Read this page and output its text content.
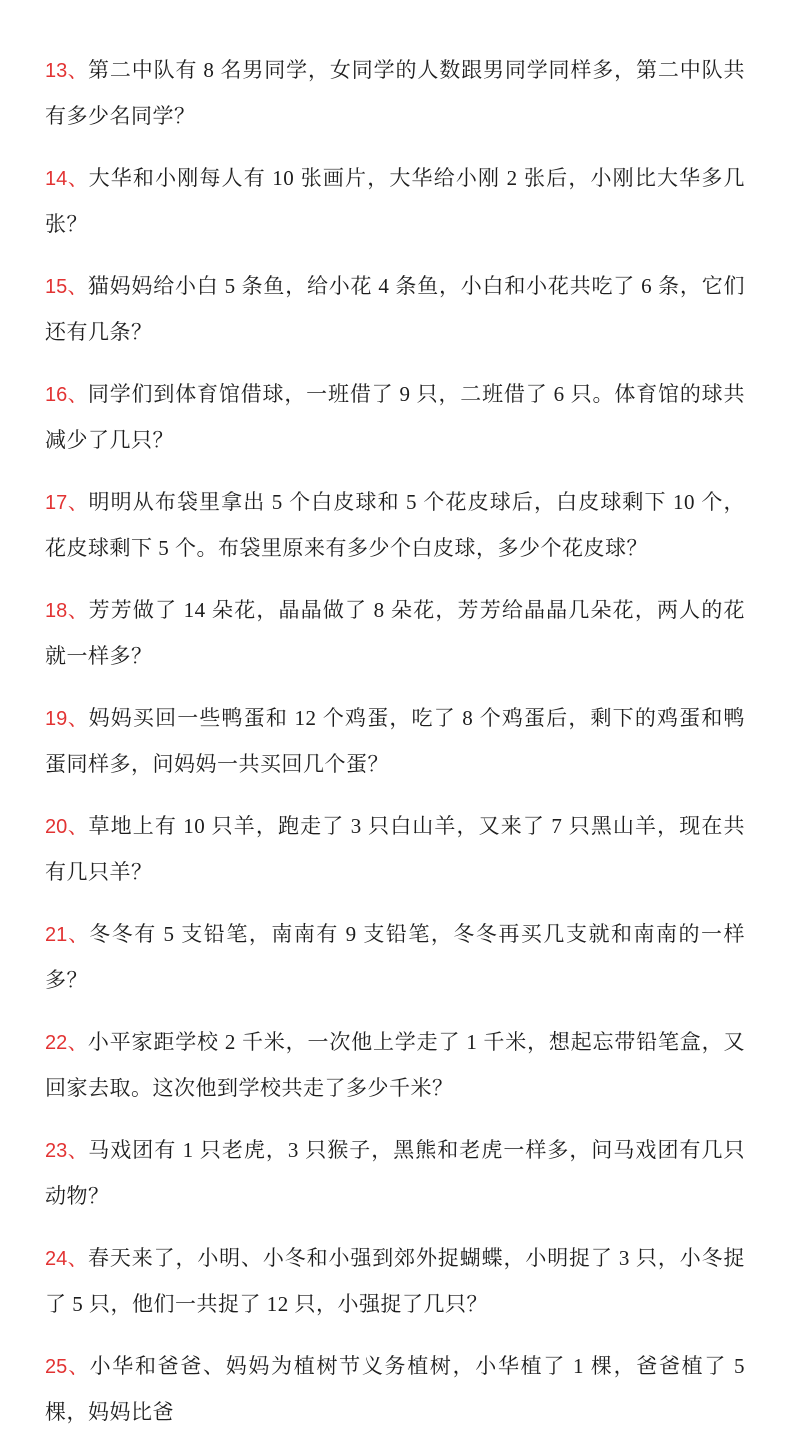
13、第二中队有 8 名男同学，女同学的人数跟男同学同样多，第二中队共有多少名同学？

14、大华和小刚每人有 10 张画片，大华给小刚 2 张后，小刚比大华多几张？

15、猫妈妈给小白 5 条鱼，给小花 4 条鱼，小白和小花共吃了 6 条，它们还有几条？

16、同学们到体育馆借球，一班借了 9 只，二班借了 6 只。体育馆的球共减少了几只？

17、明明从布袋里拿出 5 个白皮球和 5 个花皮球后，白皮球剩下 10 个，花皮球剩下 5 个。布袋里原来有多少个白皮球，多少个花皮球？

18、芳芳做了 14 朵花，晶晶做了 8 朵花，芳芳给晶晶几朵花，两人的花就一样多？

19、妈妈买回一些鸭蛋和 12 个鸡蛋，吃了 8 个鸡蛋后，剩下的鸡蛋和鸭蛋同样多，问妈妈一共买回几个蛋？

20、草地上有 10 只羊，跑走了 3 只白山羊，又来了 7 只黑山羊，现在共有几只羊？

21、冬冬有 5 支铅笔，南南有 9 支铅笔，冬冬再买几支就和南南的一样多？

22、小平家距学校 2 千米，一次他上学走了 1 千米，想起忘带铅笔盒，又回家去取。这次他到学校共走了多少千米？

23、马戏团有 1 只老虎，3 只猴子，黑熊和老虎一样多，问马戏团有几只动物？

24、春天来了，小明、小冬和小强到郊外捉蝴蝶，小明捉了 3 只，小冬捉了 5 只，他们一共捉了 12 只，小强捉了几只？

25、小华和爸爸、妈妈为植树节义务植树，小华植了 1 棵，爸爸植了 5 棵，妈妈比爸
